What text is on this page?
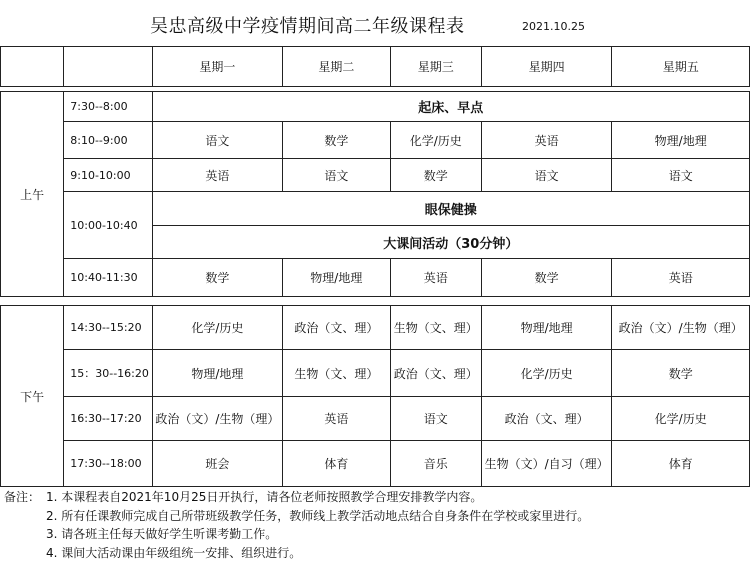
吴忠高级中学疫情期间高二年级课程表	2021.10.25
		星期一	星期二	星期三	星期四	星期五

上午	7:30--8:00	起床、早点				
	8:10--9:00	语文	数学	化学/历史	英语	物理/地理
	9:10-10:00	英语	语文	数学	语文	语文
	10:00-10:40	眼保健操				
		大课间活动（30分钟）				
	10:40-11:30	数学	物理/地理	英语	数学	英语

下午	14:30--15:20	化学/历史	政治（文、理）	生物（文、理）	物理/地理	政治（文）/生物（理）
	15：30--16:20	物理/地理	生物（文、理）	政治（文、理）	化学/历史	数学
	16:30--17:20	政治（文）/生物（理）	英语	语文	政治（文、理）	化学/历史
	17:30--18:00	班会	体育	音乐	生物（文）/自习（理）	体育
备注： 1. 本课程表自2021年10月25日开执行，请各位老师按照教学合理安排教学内容。
2. 所有任课教师完成自己所带班级教学任务，教师线上教学活动地点结合自身条件在学校或家里进行。
3. 请各班主任每天做好学生听课考勤工作。
4. 课间大活动课由年级组统一安排、组织进行。
